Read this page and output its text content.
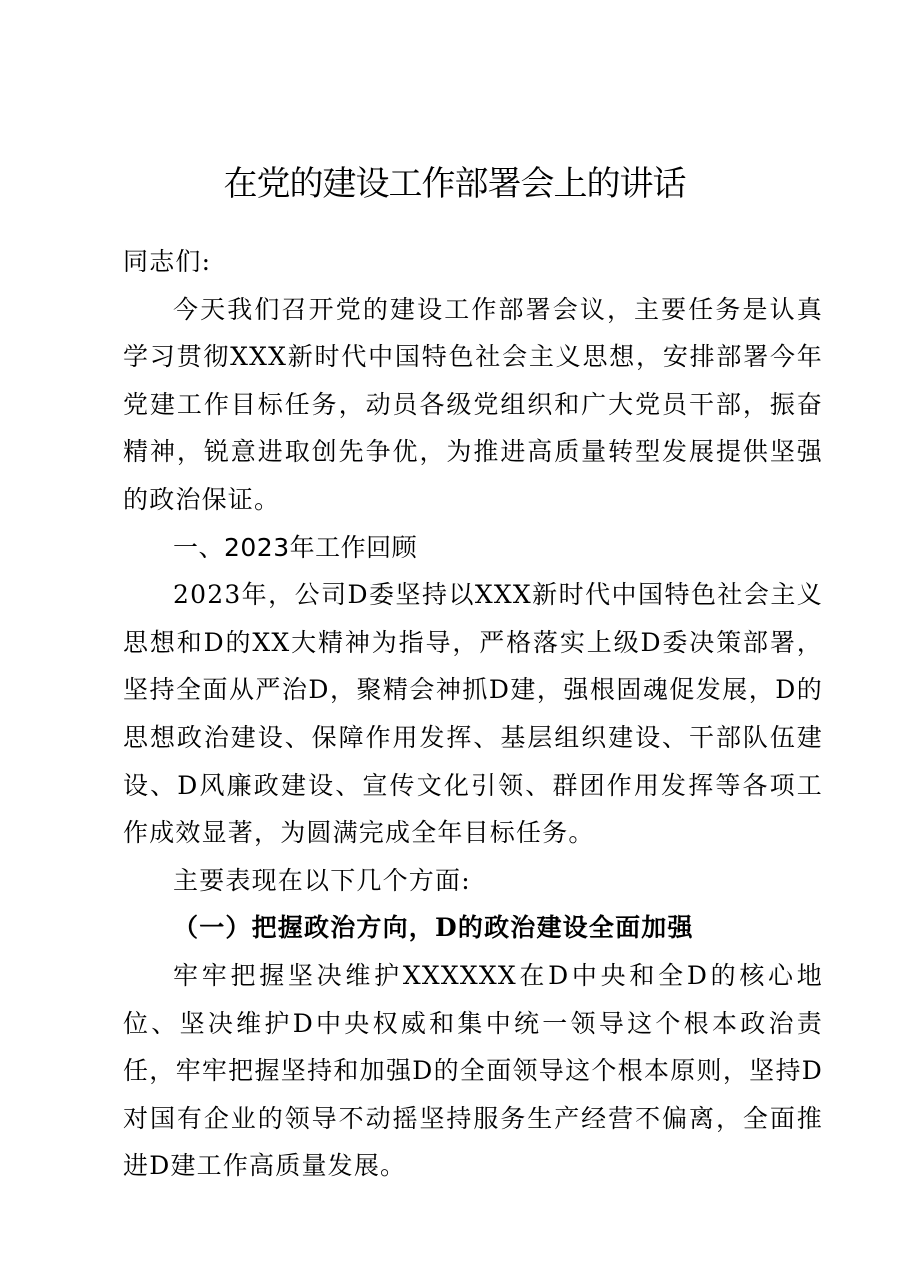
在党的建设工作部署会上的讲话

同志们:

今天我们召开党的建设工作部署会议，主要任务是认真学习贯彻XXX新时代中国特色社会主义思想，安排部署今年党建工作目标任务，动员各级党组织和广大党员干部，振奋精神，锐意进取创先争优，为推进高质量转型发展提供坚强的政治保证。

一、2023年工作回顾

2023年，公司D委坚持以XXX新时代中国特色社会主义思想和D的XX大精神为指导，严格落实上级D委决策部署，坚持全面从严治D，聚精会神抓D建，强根固魂促发展，D的思想政治建设、保障作用发挥、基层组织建设、干部队伍建设、D风廉政建设、宣传文化引领、群团作用发挥等各项工作成效显著，为圆满完成全年目标任务。

主要表现在以下几个方面:

（一）把握政治方向，D的政治建设全面加强

牢牢把握坚决维护XXXXXX在D中央和全D的核心地位、坚决维护D中央权威和集中统一领导这个根本政治责任，牢牢把握坚持和加强D的全面领导这个根本原则，坚持D对国有企业的领导不动摇坚持服务生产经营不偏离，全面推进D建工作高质量发展。
